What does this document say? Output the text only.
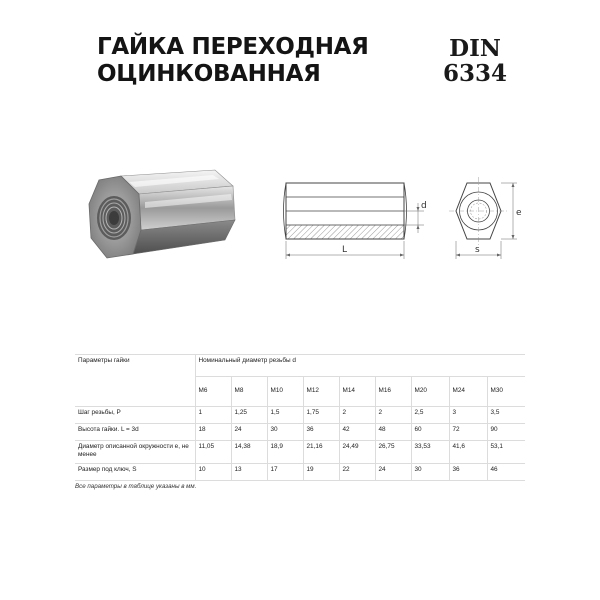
ГАЙКА ПЕРЕХОДНАЯ
ОЦИНКОВАННАЯ
DIN
6334
d
L
e
s
Параметры гайки	Номинальный диаметр резьбы d								
	M6	M8	M10	M12	M14	M16	M20	M24	M30
Шаг резьбы, P	1	1,25	1,5	1,75	2	2	2,5	3	3,5
Высота гайки. L = 3d	18	24	30	36	42	48	60	72	90
Диаметр описанной окружности e, не менее	11,05	14,38	18,9	21,16	24,49	26,75	33,53	41,6	53,1
Размер под ключ, S	10	13	17	19	22	24	30	36	46
Все параметры в таблице указаны в мм.
